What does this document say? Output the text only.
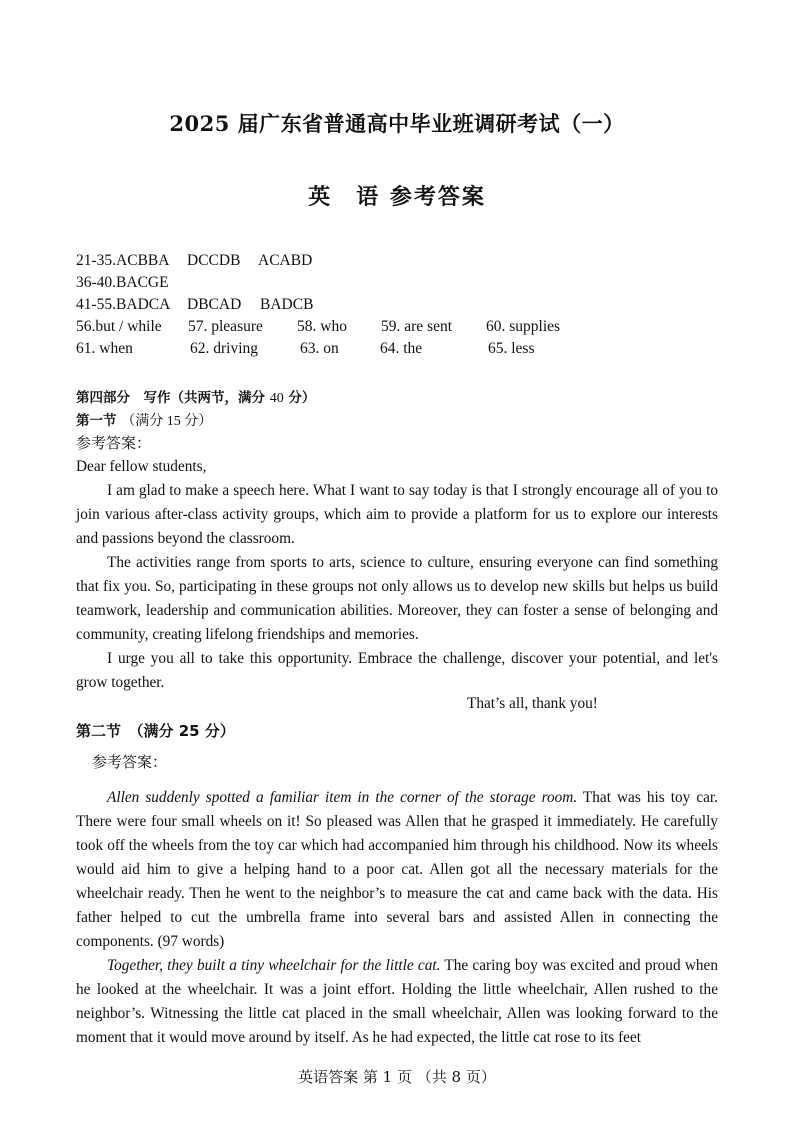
2025 届广东省普通高中毕业班调研考试（一）
英　语 参考答案
21-35.ACBBA DCCDB ACABD
36-40.BACGE
41-55.BADCA DBCAD BADCB
56.but / while 57. pleasure 58. who 59. are sent 60. supplies
61. when	62. driving	63. on	64. the	65. less
第四部分　写作（共两节，满分 40 分）
第一节 （满分 15 分）
参考答案：

Dear fellow students,

I am glad to make a speech here. What I want to say today is that I strongly encourage all of you to join various after-class activity groups, which aim to provide a platform for us to explore our interests and passions beyond the classroom.

The activities range from sports to arts, science to culture, ensuring everyone can find something that fix you. So, participating in these groups not only allows us to develop new skills but helps us build teamwork, leadership and communication abilities. Moreover, they can foster a sense of belonging and community, creating lifelong friendships and memories.

I urge you all to take this opportunity. Embrace the challenge, discover your potential, and let's grow together.

That’s all, thank you!
第二节　（满分 25 分）
参考答案：

Allen suddenly spotted a familiar item in the corner of the storage room. That was his toy car. There were four small wheels on it! So pleased was Allen that he grasped it immediately. He carefully took off the wheels from the toy car which had accompanied him through his childhood. Now its wheels would aid him to give a helping hand to a poor cat. Allen got all the necessary materials for the wheelchair ready. Then he went to the neighbor’s to measure the cat and came back with the data. His father helped to cut the umbrella frame into several bars and assisted Allen in connecting the components. (97 words)

Together, they built a tiny wheelchair for the little cat. The caring boy was excited and proud when he looked at the wheelchair. It was a joint effort. Holding the little wheelchair, Allen rushed to the neighbor’s. Witnessing the little cat placed in the small wheelchair, Allen was looking forward to the moment that it would move around by itself. As he had expected, the little cat rose to its feet

英语答案 第 1 页 （共 8 页）
